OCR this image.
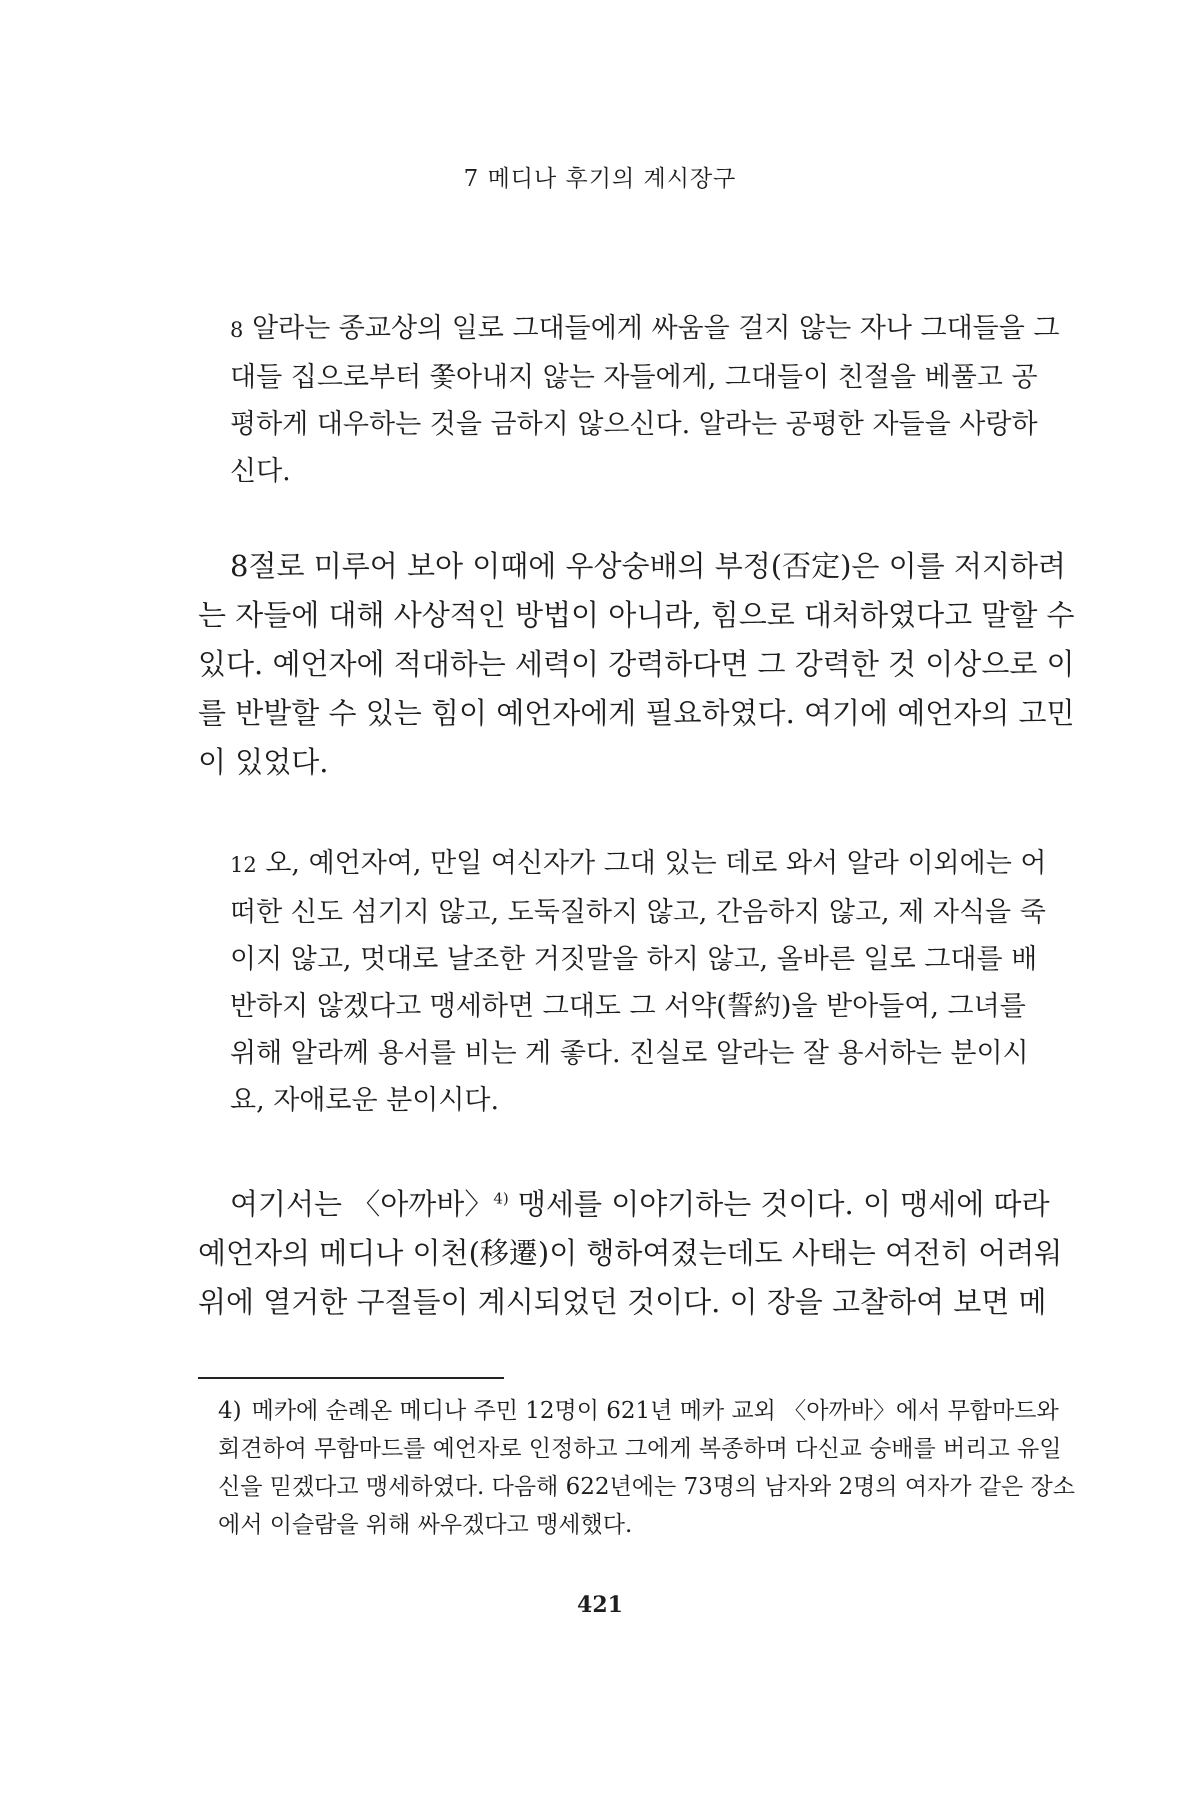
7 메디나 후기의 계시장구

8 알라는 종교상의 일로 그대들에게 싸움을 걸지 않는 자나 그대들을 그대들 집으로부터 쫓아내지 않는 자들에게, 그대들이 친절을 베풀고 공평하게 대우하는 것을 금하지 않으신다. 알라는 공평한 자들을 사랑하신다.

8절로 미루어 보아 이때에 우상숭배의 부정(否定)은 이를 저지하려는 자들에 대해 사상적인 방법이 아니라, 힘으로 대처하였다고 말할 수 있다. 예언자에 적대하는 세력이 강력하다면 그 강력한 것 이상으로 이를 반발할 수 있는 힘이 예언자에게 필요하였다. 여기에 예언자의 고민이 있었다.

12 오, 예언자여, 만일 여신자가 그대 있는 데로 와서 알라 이외에는 어떠한 신도 섬기지 않고, 도둑질하지 않고, 간음하지 않고, 제 자식을 죽이지 않고, 멋대로 날조한 거짓말을 하지 않고, 올바른 일로 그대를 배반하지 않겠다고 맹세하면 그대도 그 서약(誓約)을 받아들여, 그녀를 위해 알라께 용서를 비는 게 좋다. 진실로 알라는 잘 용서하는 분이시요, 자애로운 분이시다.

여기서는 〈아까바〉$^{4)}$ 맹세를 이야기하는 것이다. 이 맹세에 따라 예언자의 메디나 이천(移遷)이 행하여졌는데도 사태는 여전히 어려워 위에 열거한 구절들이 계시되었던 것이다. 이 장을 고찰하여 보면 메

4) 메카에 순례온 메디나 주민 12명이 621년 메카 교외 〈아까바〉에서 무함마드와 회견하여 무함마드를 예언자로 인정하고 그에게 복종하며 다신교 숭배를 버리고 유일신을 믿겠다고 맹세하였다. 다음해 622년에는 73명의 남자와 2명의 여자가 같은 장소에서 이슬람을 위해 싸우겠다고 맹세했다.
421
